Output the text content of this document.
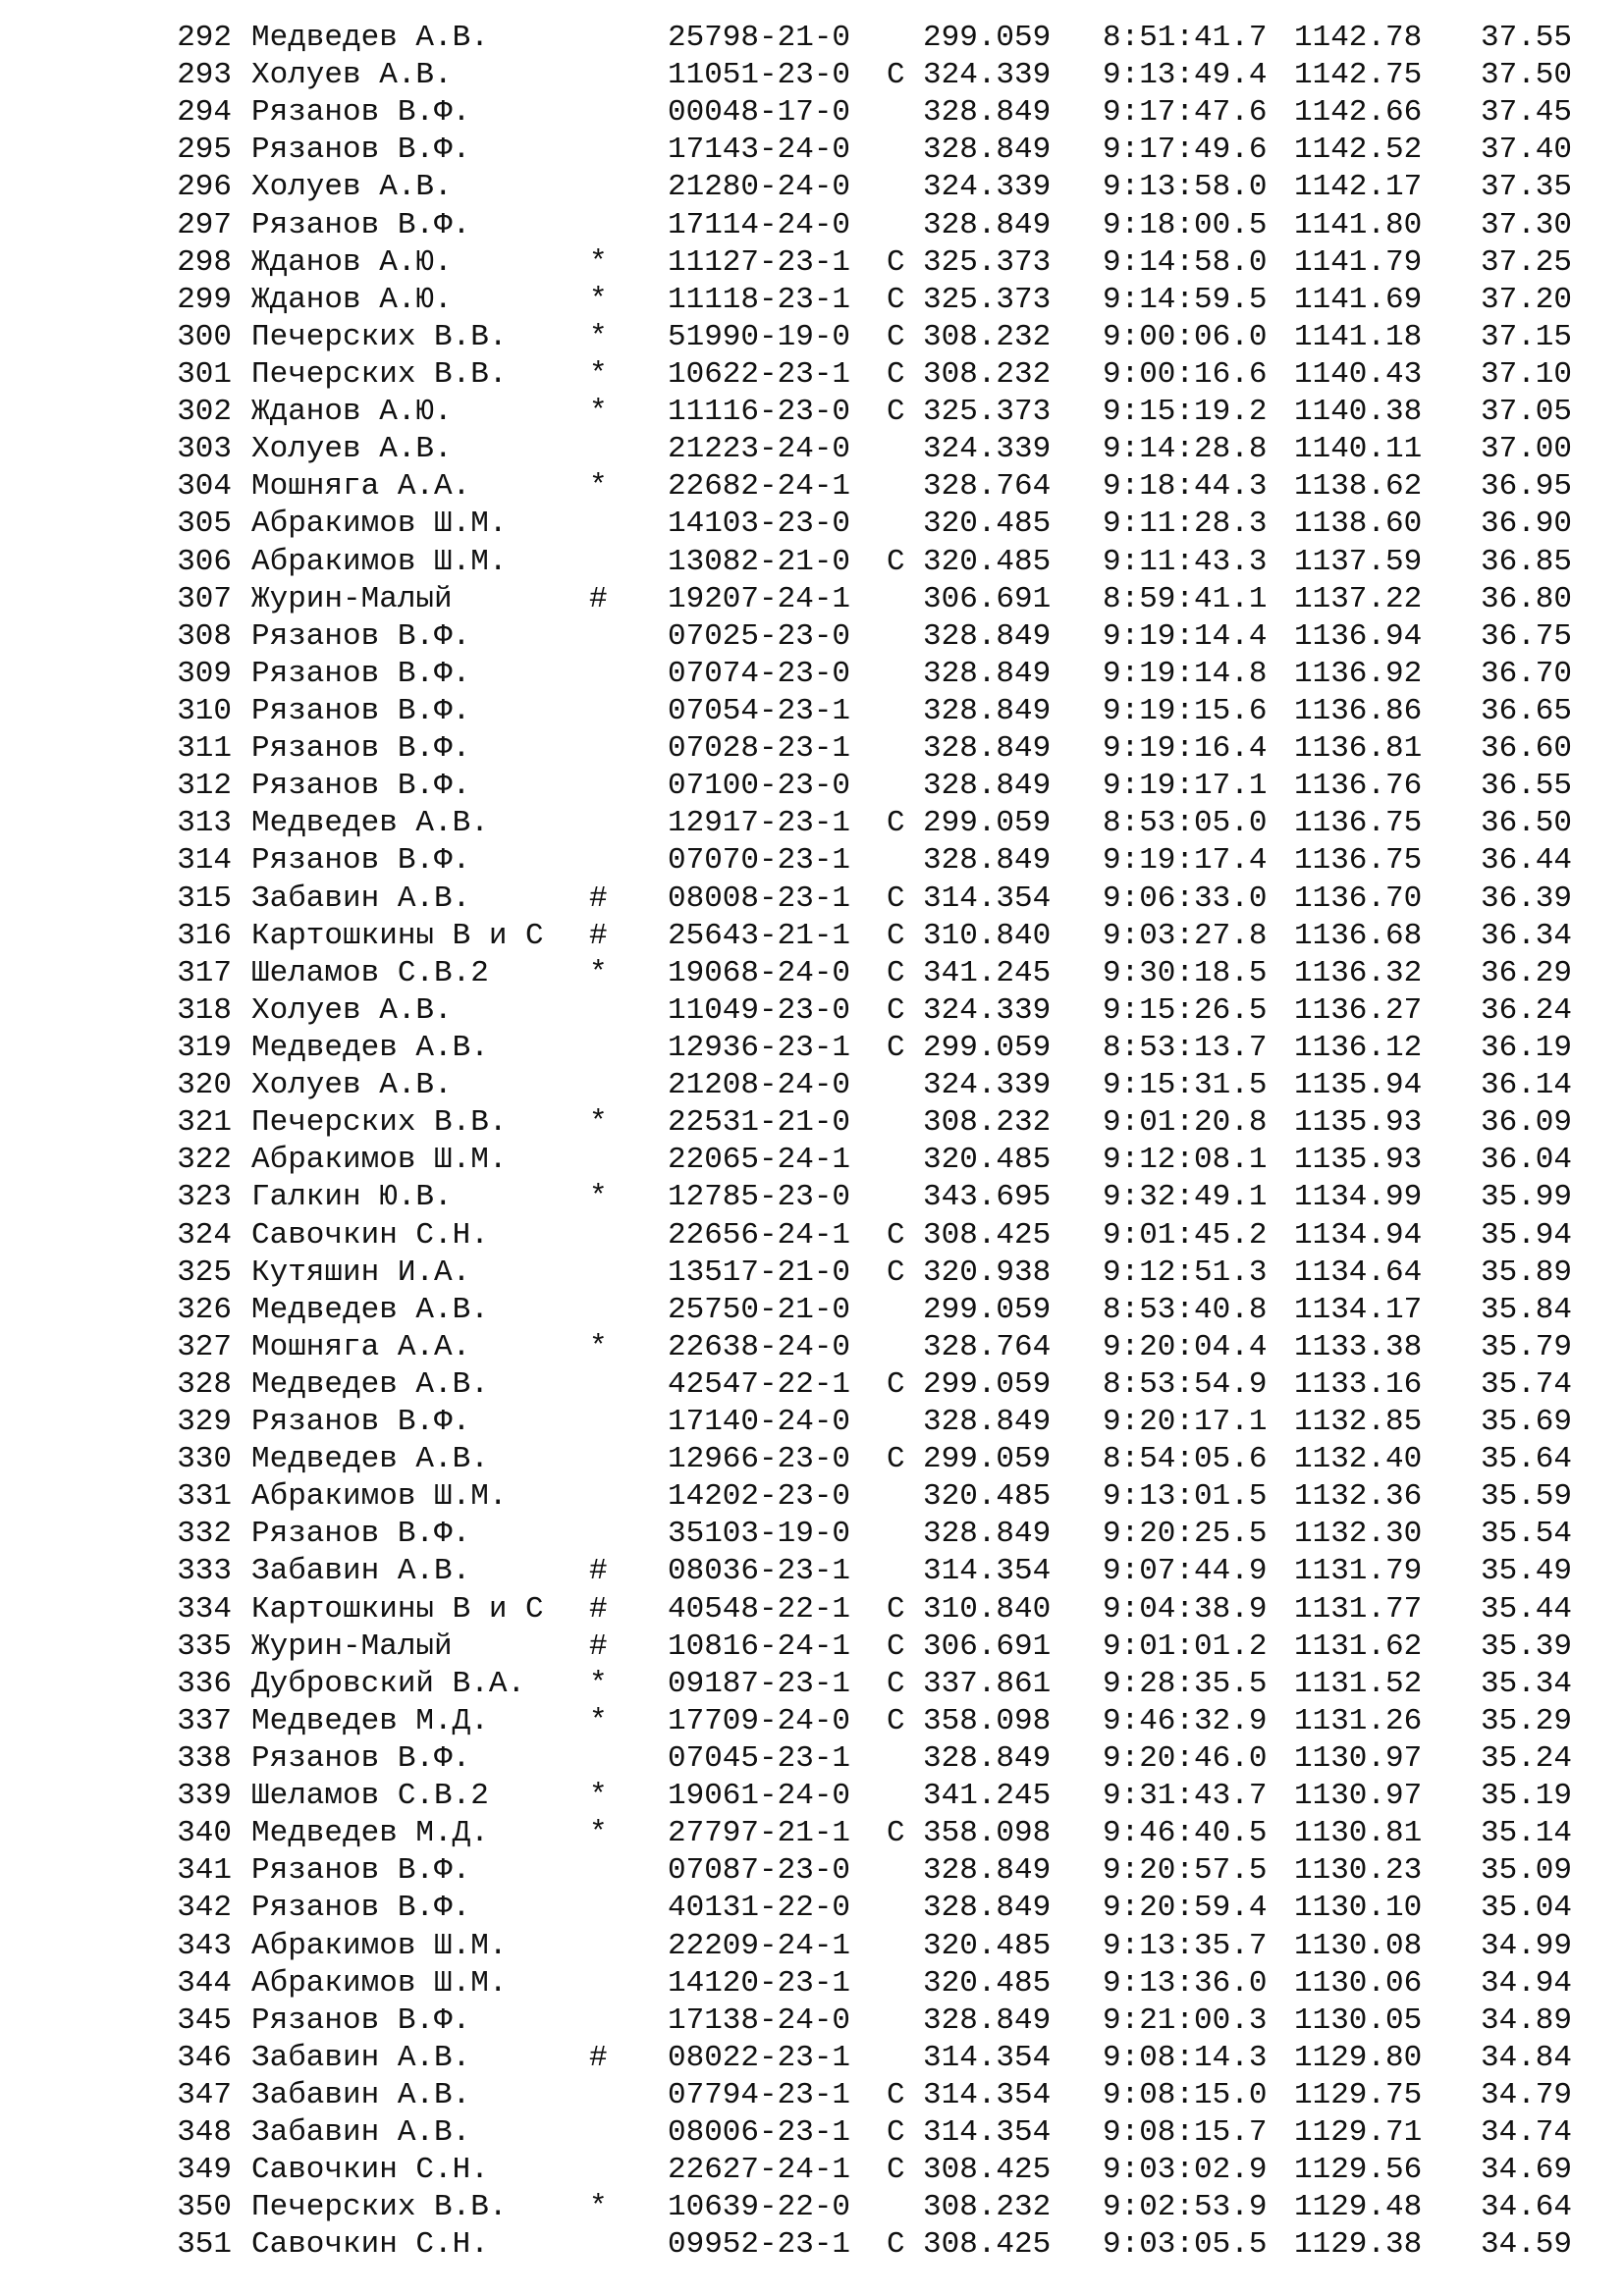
292 Медведев А.В.	25798-21-0 299.059 8:51:41.7 1142.78 37.55
293 Холуев А.В.	11051-23-0 C 324.339 9:13:49.4 1142.75 37.50
294 Рязанов В.Ф.	00048-17-0 328.849 9:17:47.6 1142.66 37.45
295 Рязанов В.Ф.	17143-24-0 328.849 9:17:49.6 1142.52 37.40
296 Холуев А.В.	21280-24-0 324.339 9:13:58.0 1142.17 37.35
297 Рязанов В.Ф.	17114-24-0 328.849 9:18:00.5 1141.80 37.30
298 Жданов А.Ю.	* 11127-23-1 C 325.373 9:14:58.0 1141.79 37.25
299 Жданов А.Ю.	* 11118-23-1 C 325.373 9:14:59.5 1141.69 37.20
300 Печерских В.В.	* 51990-19-0 C 308.232 9:00:06.0 1141.18 37.15
301 Печерских В.В.	* 10622-23-1 C 308.232 9:00:16.6 1140.43 37.10
302 Жданов А.Ю.	* 11116-23-0 C 325.373 9:15:19.2 1140.38 37.05
303 Холуев А.В.	21223-24-0 324.339 9:14:28.8 1140.11 37.00
304 Мошняга А.А.	* 22682-24-1 328.764 9:18:44.3 1138.62 36.95
305 Абракимов Ш.М.	14103-23-0 320.485 9:11:28.3 1138.60 36.90
306 Абракимов Ш.М.	13082-21-0 C 320.485 9:11:43.3 1137.59 36.85
307 Журин-Малый	# 19207-24-1 306.691 8:59:41.1 1137.22 36.80
308 Рязанов В.Ф.	07025-23-0 328.849 9:19:14.4 1136.94 36.75
309 Рязанов В.Ф.	07074-23-0 328.849 9:19:14.8 1136.92 36.70
310 Рязанов В.Ф.	07054-23-1 328.849 9:19:15.6 1136.86 36.65
311 Рязанов В.Ф.	07028-23-1 328.849 9:19:16.4 1136.81 36.60
312 Рязанов В.Ф.	07100-23-0 328.849 9:19:17.1 1136.76 36.55
313 Медведев А.В.	12917-23-1 C 299.059 8:53:05.0 1136.75 36.50
314 Рязанов В.Ф.	07070-23-1 328.849 9:19:17.4 1136.75 36.44
315 Забавин А.В.	# 08008-23-1 C 314.354 9:06:33.0 1136.70 36.39
316 Картошкины В и С # 25643-21-1 C 310.840 9:03:27.8 1136.68 36.34
317 Шеламов С.В.2	* 19068-24-0 C 341.245 9:30:18.5 1136.32 36.29
318 Холуев А.В.	11049-23-0 C 324.339 9:15:26.5 1136.27 36.24
319 Медведев А.В.	12936-23-1 C 299.059 8:53:13.7 1136.12 36.19
320 Холуев А.В.	21208-24-0 324.339 9:15:31.5 1135.94 36.14
321 Печерских В.В.	* 22531-21-0 308.232 9:01:20.8 1135.93 36.09
322 Абракимов Ш.М.	22065-24-1 320.485 9:12:08.1 1135.93 36.04
323 Галкин Ю.В.	* 12785-23-0 343.695 9:32:49.1 1134.99 35.99
324 Савочкин С.Н.	22656-24-1 C 308.425 9:01:45.2 1134.94 35.94
325 Кутяшин И.А.	13517-21-0 C 320.938 9:12:51.3 1134.64 35.89
326 Медведев А.В.	25750-21-0 299.059 8:53:40.8 1134.17 35.84
327 Мошняга А.А.	* 22638-24-0 328.764 9:20:04.4 1133.38 35.79
328 Медведев А.В.	42547-22-1 C 299.059 8:53:54.9 1133.16 35.74
329 Рязанов В.Ф.	17140-24-0 328.849 9:20:17.1 1132.85 35.69
330 Медведев А.В.	12966-23-0 C 299.059 8:54:05.6 1132.40 35.64
331 Абракимов Ш.М.	14202-23-0 320.485 9:13:01.5 1132.36 35.59
332 Рязанов В.Ф.	35103-19-0 328.849 9:20:25.5 1132.30 35.54
333 Забавин А.В.	# 08036-23-1 314.354 9:07:44.9 1131.79 35.49
334 Картошкины В и С # 40548-22-1 C 310.840 9:04:38.9 1131.77 35.44
335 Журин-Малый	# 10816-24-1 C 306.691 9:01:01.2 1131.62 35.39
336 Дубровский В.А. * 09187-23-1 C 337.861 9:28:35.5 1131.52 35.34
337 Медведев М.Д.	* 17709-24-0 C 358.098 9:46:32.9 1131.26 35.29
338 Рязанов В.Ф.	07045-23-1 328.849 9:20:46.0 1130.97 35.24
339 Шеламов С.В.2	* 19061-24-0 341.245 9:31:43.7 1130.97 35.19
340 Медведев М.Д.	* 27797-21-1 C 358.098 9:46:40.5 1130.81 35.14
341 Рязанов В.Ф.	07087-23-0 328.849 9:20:57.5 1130.23 35.09
342 Рязанов В.Ф.	40131-22-0 328.849 9:20:59.4 1130.10 35.04
343 Абракимов Ш.М.	22209-24-1 320.485 9:13:35.7 1130.08 34.99
344 Абракимов Ш.М.	14120-23-1 320.485 9:13:36.0 1130.06 34.94
345 Рязанов В.Ф.	17138-24-0 328.849 9:21:00.3 1130.05 34.89
346 Забавин А.В.	# 08022-23-1 314.354 9:08:14.3 1129.80 34.84
347 Забавин А.В.	07794-23-1 C 314.354 9:08:15.0 1129.75 34.79
348 Забавин А.В.	08006-23-1 C 314.354 9:08:15.7 1129.71 34.74
349 Савочкин С.Н.	22627-24-1 C 308.425 9:03:02.9 1129.56 34.69
350 Печерских В.В.	* 10639-22-0 308.232 9:02:53.9 1129.48 34.64
351 Савочкин С.Н.	09952-23-1 C 308.425 9:03:05.5 1129.38 34.59
